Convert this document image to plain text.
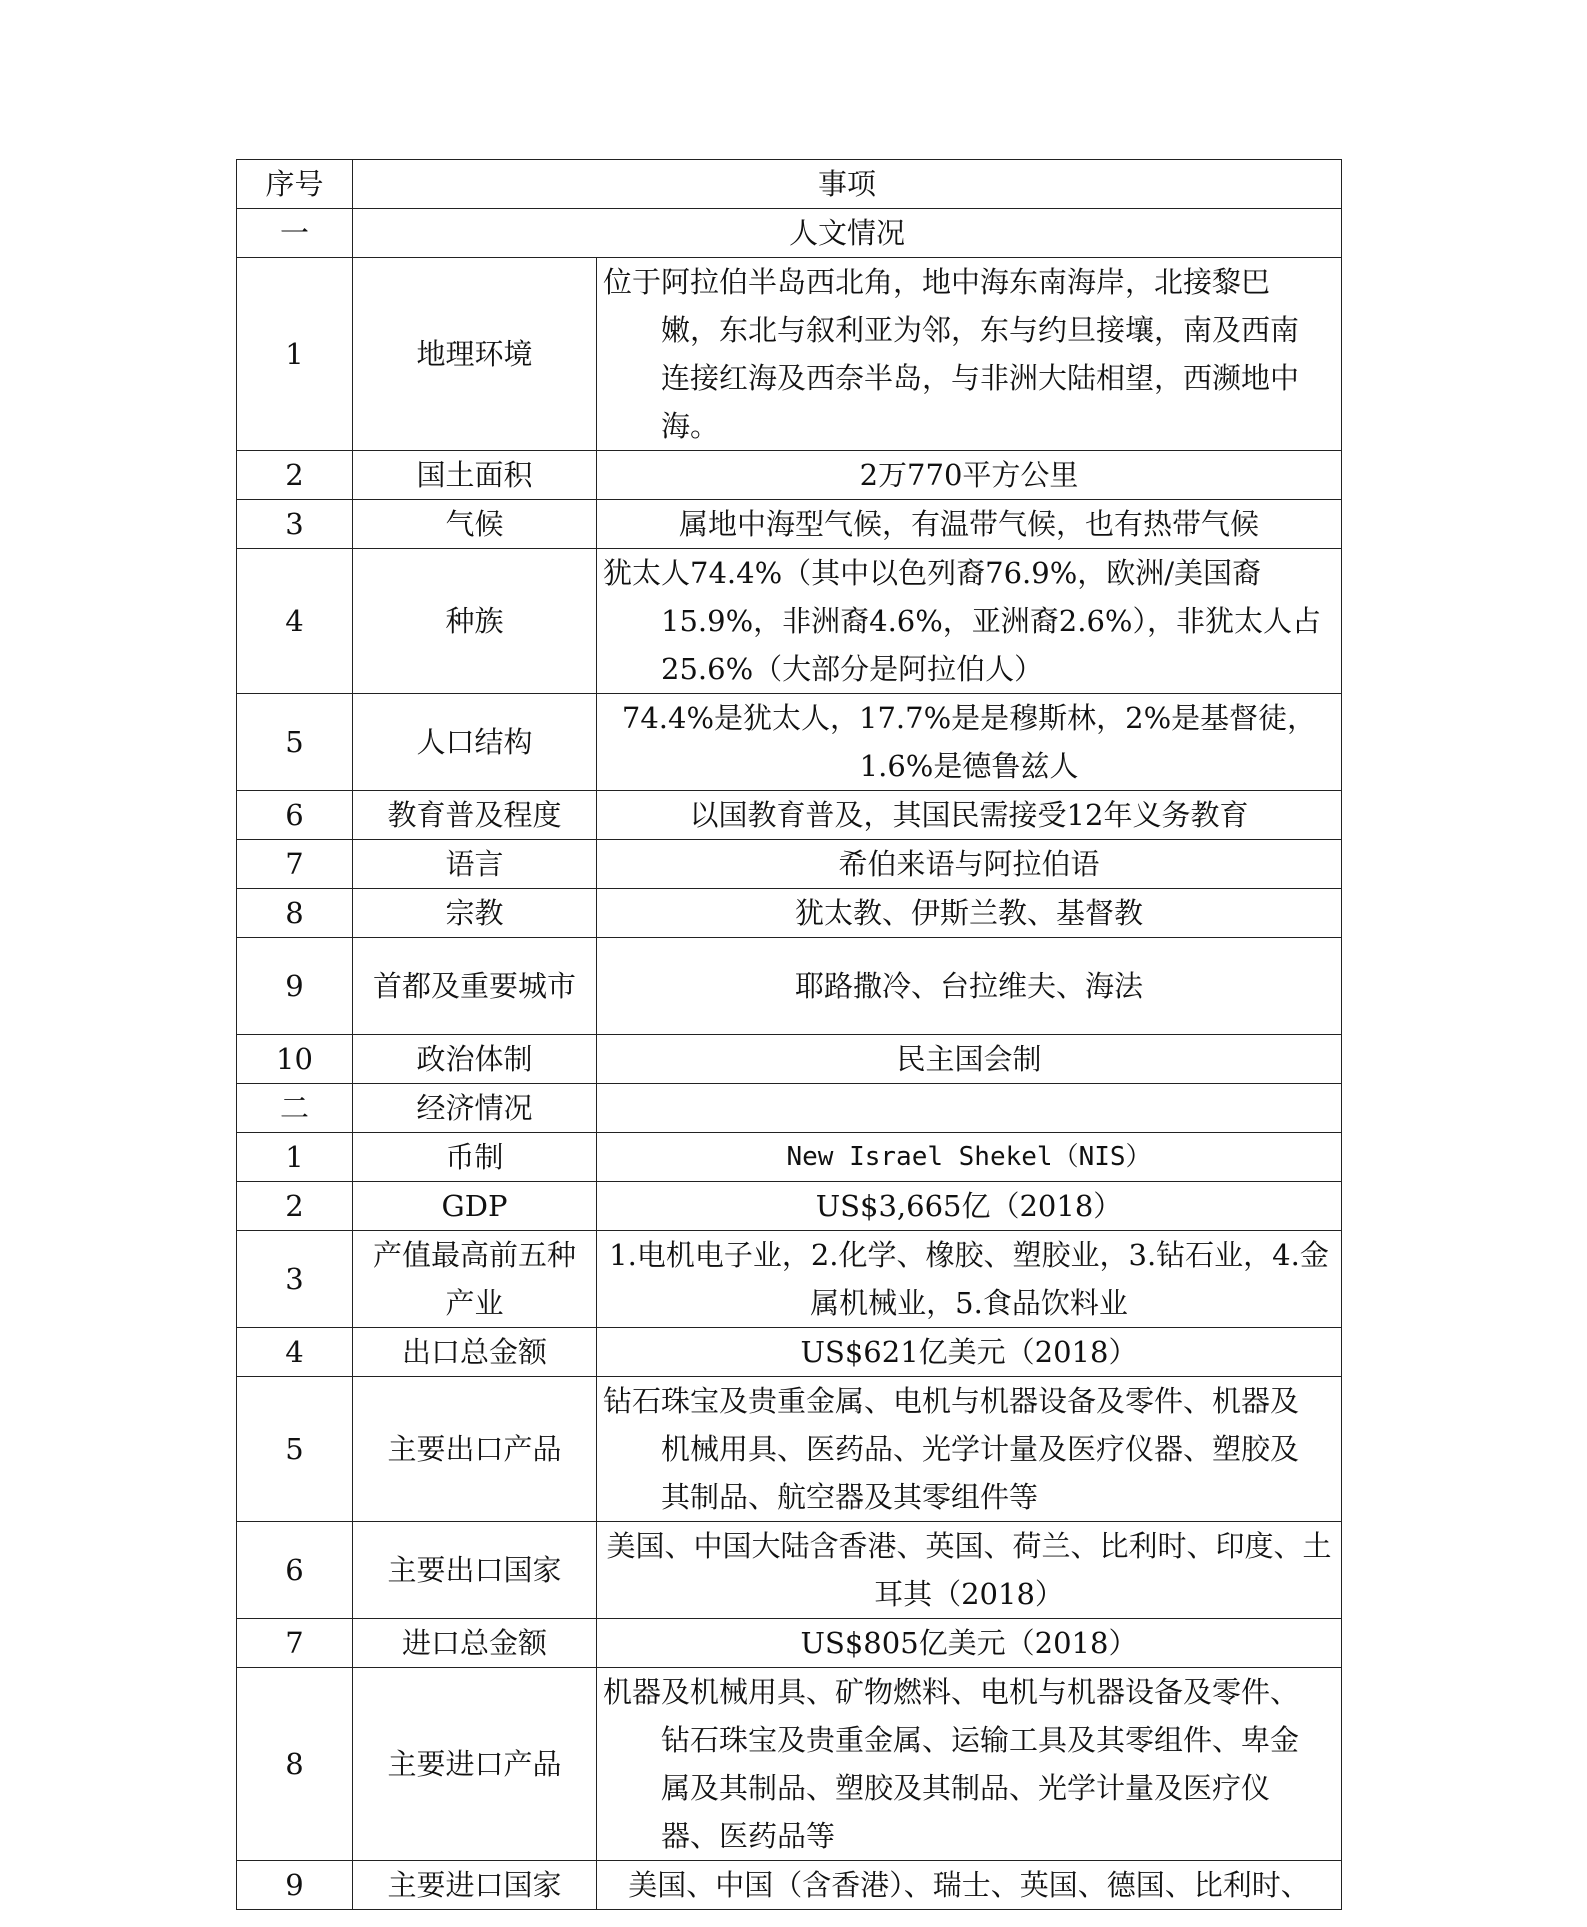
序号	事项	
一	人文情况	
1	地理环境	位于阿拉伯半岛西北角，地中海东南海岸，北接黎巴嫩，东北与叙利亚为邻，东与约旦接壤，南及西南连接红海及西奈半岛，与非洲大陆相望，西濒地中海。
2	国土面积	2万770平方公里
3	气候	属地中海型气候，有温带气候，也有热带气候
4	种族	犹太人74.4%（其中以色列裔76.9%，欧洲/美国裔15.9%，非洲裔4.6%，亚洲裔2.6%），非犹太人占25.6%（大部分是阿拉伯人）
5	人口结构	74.4%是犹太人，17.7%是是穆斯林，2%是基督徒，1.6%是德鲁兹人
6	教育普及程度	以国教育普及，其国民需接受12年义务教育
7	语言	希伯来语与阿拉伯语
8	宗教	犹太教、伊斯兰教、基督教
9	首都及重要城市	耶路撒冷、台拉维夫、海法
10	政治体制	民主国会制
二	经济情况	
1	币制	New Israel Shekel（NIS）
2	GDP	US$3,665亿（2018）
3	产值最高前五种产业	1.电机电子业，2.化学、橡胶、塑胶业，3.钻石业，4.金属机械业，5.食品饮料业
4	出口总金额	US$621亿美元（2018）
5	主要出口产品	钻石珠宝及贵重金属、电机与机器设备及零件、机器及机械用具、医药品、光学计量及医疗仪器、塑胶及其制品、航空器及其零组件等
6	主要出口国家	美国、中国大陆含香港、英国、荷兰、比利时、印度、土耳其（2018）
7	进口总金额	US$805亿美元（2018）
8	主要进口产品	机器及机械用具、矿物燃料、电机与机器设备及零件、钻石珠宝及贵重金属、运输工具及其零组件、卑金属及其制品、塑胶及其制品、光学计量及医疗仪器、医药品等
9	主要进口国家	美国、中国（含香港）、瑞士、英国、德国、比利时、
